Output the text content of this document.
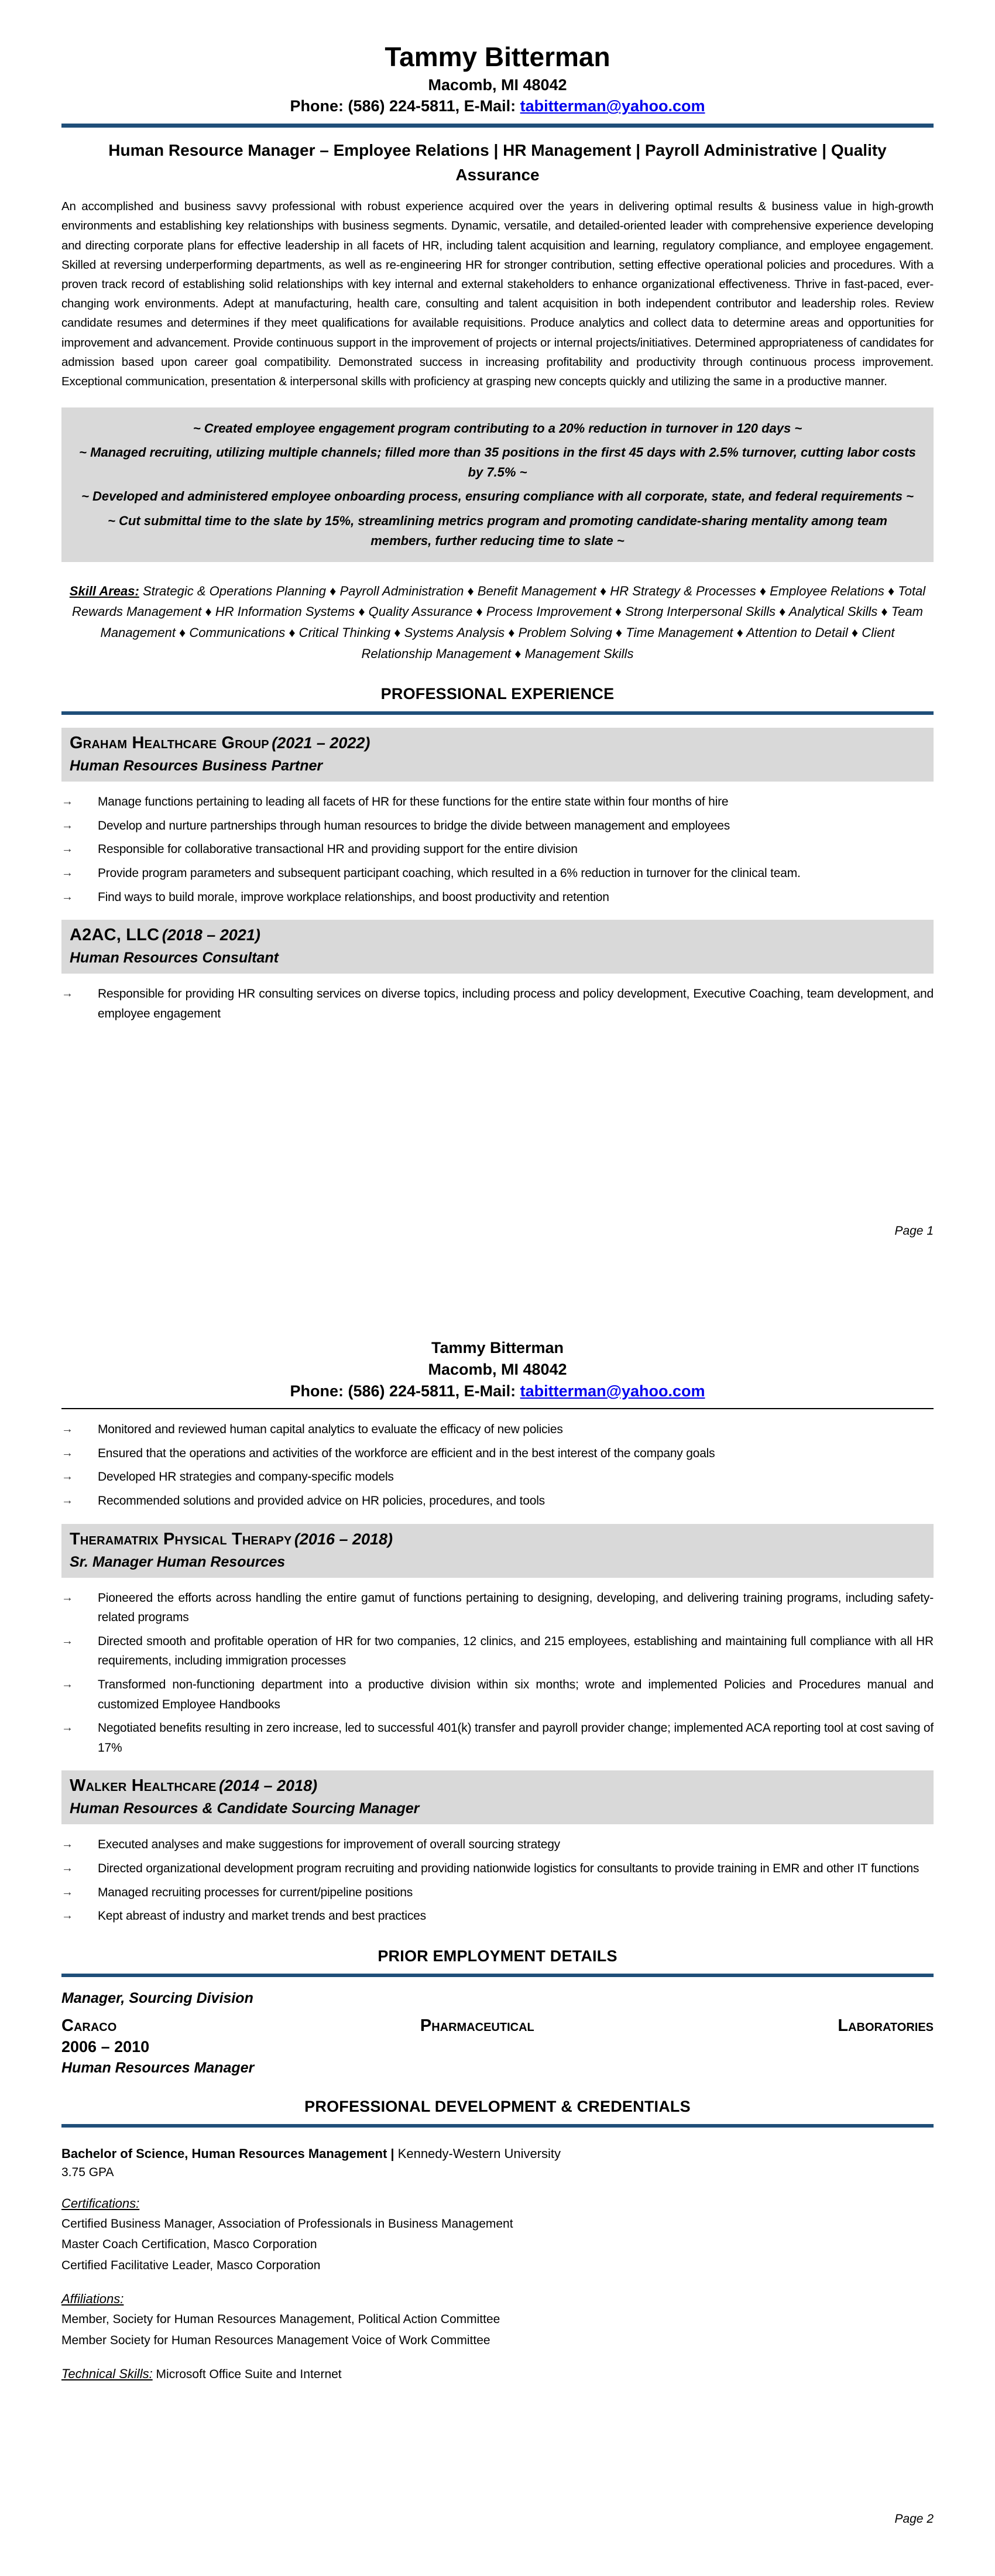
Tammy Bitterman
Macomb, MI 48042
Phone: (586) 224-5811, E-Mail: tabitterman@yahoo.com
Human Resource Manager – Employee Relations | HR Management | Payroll Administrative | Quality Assurance

An accomplished and business savvy professional with robust experience acquired over the years in delivering optimal results & business value in high-growth environments and establishing key relationships with business segments. Dynamic, versatile, and detailed-oriented leader with comprehensive experience developing and directing corporate plans for effective leadership in all facets of HR, including talent acquisition and learning, regulatory compliance, and employee engagement. Skilled at reversing underperforming departments, as well as re-engineering HR for stronger contribution, setting effective operational policies and procedures. With a proven track record of establishing solid relationships with key internal and external stakeholders to enhance organizational effectiveness. Thrive in fast-paced, ever-changing work environments. Adept at manufacturing, health care, consulting and talent acquisition in both independent contributor and leadership roles. Review candidate resumes and determines if they meet qualifications for available requisitions. Produce analytics and collect data to determine areas and opportunities for improvement and advancement. Provide continuous support in the improvement of projects or internal projects/initiatives. Determined appropriateness of candidates for admission based upon career goal compatibility. Demonstrated success in increasing profitability and productivity through continuous process improvement. Exceptional communication, presentation & interpersonal skills with proficiency at grasping new concepts quickly and utilizing the same in a productive manner.

~ Created employee engagement program contributing to a 20% reduction in turnover in 120 days ~

~ Managed recruiting, utilizing multiple channels; filled more than 35 positions in the first 45 days with 2.5% turnover, cutting labor costs by 7.5% ~

~ Developed and administered employee onboarding process, ensuring compliance with all corporate, state, and federal requirements ~

~ Cut submittal time to the slate by 15%, streamlining metrics program and promoting candidate-sharing mentality among team members, further reducing time to slate ~

Skill Areas: Strategic & Operations Planning ♦ Payroll Administration ♦ Benefit Management ♦ HR Strategy & Processes ♦ Employee Relations ♦ Total Rewards Management ♦ HR Information Systems ♦ Quality Assurance ♦ Process Improvement ♦ Strong Interpersonal Skills ♦ Analytical Skills ♦ Team Management ♦ Communications ♦ Critical Thinking ♦ Systems Analysis ♦ Problem Solving ♦ Time Management ♦ Attention to Detail ♦ Client Relationship Management ♦ Management Skills

PROFESSIONAL EXPERIENCE
Graham Healthcare Group (2021 – 2022)
Human Resources Business Partner
→	Manage functions pertaining to leading all facets of HR for these functions for the entire state within four months of hire
→	Develop and nurture partnerships through human resources to bridge the divide between management and employees
→	Responsible for collaborative transactional HR and providing support for the entire division
→	Provide program parameters and subsequent participant coaching, which resulted in a 6% reduction in turnover for the clinical team.
→	Find ways to build morale, improve workplace relationships, and boost productivity and retention
A2AC, LLC (2018 – 2021)
Human Resources Consultant
→	Responsible for providing HR consulting services on diverse topics, including process and policy development, Executive Coaching, team development, and employee engagement
Page 1
Tammy Bitterman
Macomb, MI 48042
Phone: (586) 224-5811, E-Mail: tabitterman@yahoo.com
→	Monitored and reviewed human capital analytics to evaluate the efficacy of new policies
→	Ensured that the operations and activities of the workforce are efficient and in the best interest of the company goals
→	Developed HR strategies and company-specific models
→	Recommended solutions and provided advice on HR policies, procedures, and tools
Theramatrix Physical Therapy (2016 – 2018)
Sr. Manager Human Resources
→	Pioneered the efforts across handling the entire gamut of functions pertaining to designing, developing, and delivering training programs, including safety-related programs
→	Directed smooth and profitable operation of HR for two companies, 12 clinics, and 215 employees, establishing and maintaining full compliance with all HR requirements, including immigration processes
→	Transformed non-functioning department into a productive division within six months; wrote and implemented Policies and Procedures manual and customized Employee Handbooks
→	Negotiated benefits resulting in zero increase, led to successful 401(k) transfer and payroll provider change; implemented ACA reporting tool at cost saving of 17%
Walker Healthcare (2014 – 2018)
Human Resources & Candidate Sourcing Manager
→	Executed analyses and make suggestions for improvement of overall sourcing strategy
→	Directed organizational development program recruiting and providing nationwide logistics for consultants to provide training in EMR and other IT functions
→	Managed recruiting processes for current/pipeline positions
→	Kept abreast of industry and market trends and best practices
PRIOR EMPLOYMENT DETAILS
Manager, Sourcing Division
Caraco Pharmaceutical Laboratories
2006 – 2010
Human Resources Manager
PROFESSIONAL DEVELOPMENT & CREDENTIALS
Bachelor of Science, Human Resources Management | Kennedy-Western University
3.75 GPA
Certifications:
Certified Business Manager, Association of Professionals in Business Management
Master Coach Certification, Masco Corporation
Certified Facilitative Leader, Masco Corporation
Affiliations:
Member, Society for Human Resources Management, Political Action Committee
Member Society for Human Resources Management Voice of Work Committee
Technical Skills: Microsoft Office Suite and Internet
Page 2
